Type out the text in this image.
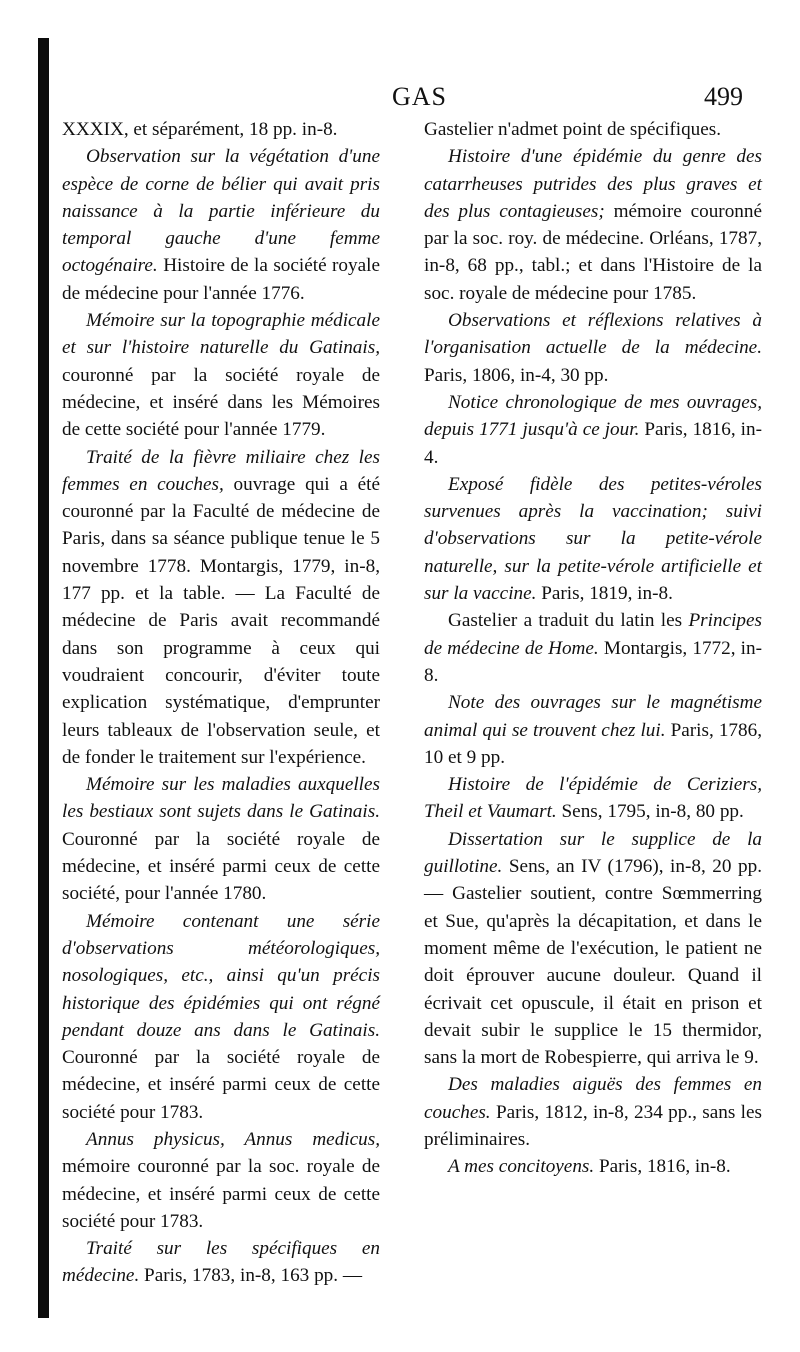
GAS	499

XXXIX, et séparément, 18 pp. in-8.

Observation sur la végétation d'une espèce de corne de bélier qui avait pris naissance à la partie inférieure du temporal gauche d'une femme octogénaire. Histoire de la société royale de médecine pour l'année 1776.

Mémoire sur la topographie médicale et sur l'histoire naturelle du Gatinais, couronné par la société royale de médecine, et inséré dans les Mémoires de cette société pour l'année 1779.

Traité de la fièvre miliaire chez les femmes en couches, ouvrage qui a été couronné par la Faculté de médecine de Paris, dans sa séance publique tenue le 5 novembre 1778. Montargis, 1779, in-8, 177 pp. et la table. — La Faculté de médecine de Paris avait recommandé dans son programme à ceux qui voudraient concourir, d'éviter toute explication systématique, d'emprunter leurs tableaux de l'observation seule, et de fonder le traitement sur l'expérience.

Mémoire sur les maladies auxquelles les bestiaux sont sujets dans le Gatinais. Couronné par la société royale de médecine, et inséré parmi ceux de cette société, pour l'année 1780.

Mémoire contenant une série d'observations météorologiques, nosologiques, etc., ainsi qu'un précis historique des épidémies qui ont régné pendant douze ans dans le Gatinais. Couronné par la société royale de médecine, et inséré parmi ceux de cette société pour 1783.

Annus physicus, Annus medicus, mémoire couronné par la soc. royale de médecine, et inséré parmi ceux de cette société pour 1783.

Traité sur les spécifiques en médecine. Paris, 1783, in-8, 163 pp. —

Gastelier n'admet point de spécifiques.

Histoire d'une épidémie du genre des catarrheuses putrides des plus graves et des plus contagieuses; mémoire couronné par la soc. roy. de médecine. Orléans, 1787, in-8, 68 pp., tabl.; et dans l'Histoire de la soc. royale de médecine pour 1785.

Observations et réflexions relatives à l'organisation actuelle de la médecine. Paris, 1806, in-4, 30 pp.

Notice chronologique de mes ouvrages, depuis 1771 jusqu'à ce jour. Paris, 1816, in-4.

Exposé fidèle des petites-véroles survenues après la vaccination; suivi d'observations sur la petite-vérole naturelle, sur la petite-vérole artificielle et sur la vaccine. Paris, 1819, in-8.

Gastelier a traduit du latin les Principes de médecine de Home. Montargis, 1772, in-8.

Note des ouvrages sur le magnétisme animal qui se trouvent chez lui. Paris, 1786, 10 et 9 pp.

Histoire de l'épidémie de Ceriziers, Theil et Vaumart. Sens, 1795, in-8, 80 pp.

Dissertation sur le supplice de la guillotine. Sens, an IV (1796), in-8, 20 pp. — Gastelier soutient, contre Sœmmerring et Sue, qu'après la décapitation, et dans le moment même de l'exécution, le patient ne doit éprouver aucune douleur. Quand il écrivait cet opuscule, il était en prison et devait subir le supplice le 15 thermidor, sans la mort de Robespierre, qui arriva le 9.

Des maladies aiguës des femmes en couches. Paris, 1812, in-8, 234 pp., sans les préliminaires.

A mes concitoyens. Paris, 1816, in-8.
